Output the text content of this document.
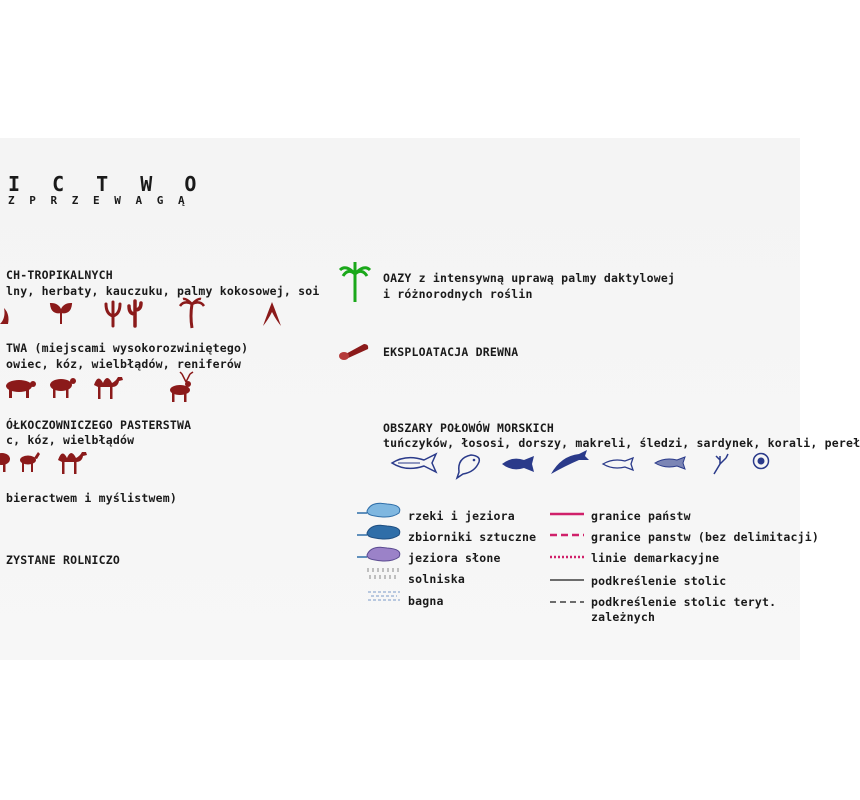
I C T W O
Z P R Z E W A G Ą
CH-TROPIKALNYCH
lny, herbaty, kauczuku, palmy kokosowej, soi
TWA (miejscami wysokorozwiniętego)
owiec, kóz, wielbłądów, reniferów
ÓŁKOCZOWNICZEGO PASTERSTWA
c, kóz, wielbłądów
bieractwem i myślistwem)
ZYSTANE ROLNICZO
OAZY z intensywną uprawą palmy daktylowej
i różnorodnych roślin
EKSPLOATACJA DREWNA
OBSZARY POŁOWÓW MORSKICH
tuńczyków, łososi, dorszy, makreli, śledzi, sardynek, korali, pereł
rzeki i jeziora
zbiorniki sztuczne
jeziora słone
solniska
bagna
granice państw
granice panstw (bez delimitacji)
linie demarkacyjne
podkreślenie stolic
podkreślenie stolic teryt.
zależnych
